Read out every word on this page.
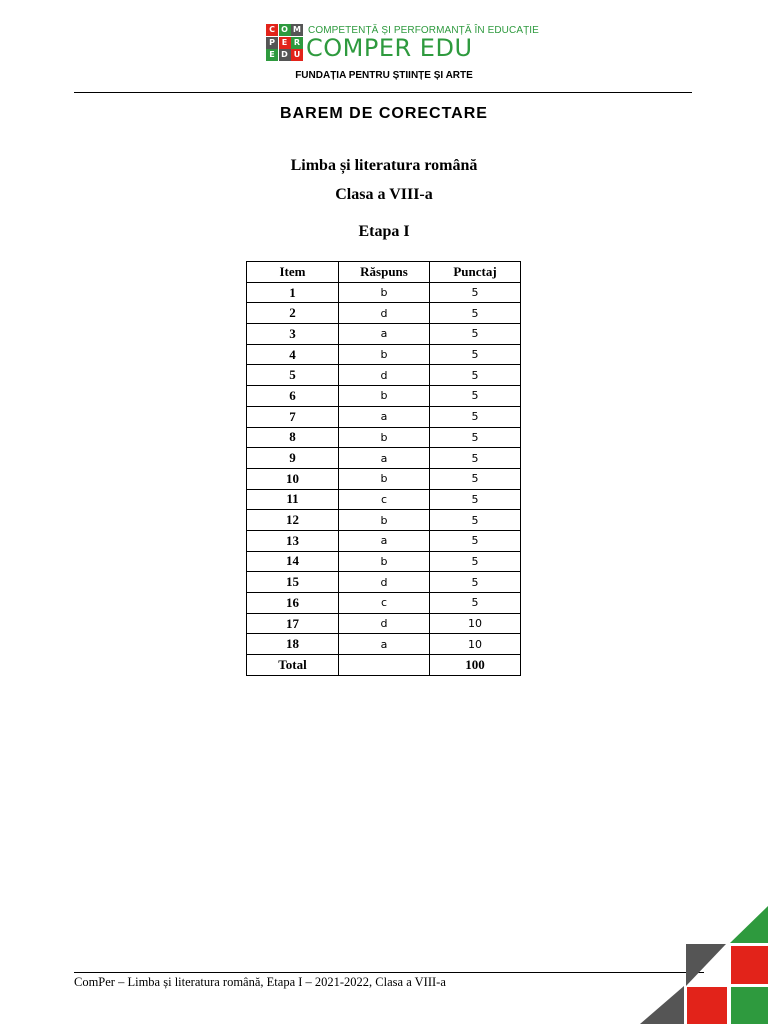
C O M
P E R
E D U
COMPETENȚĂ ȘI PERFORMANȚĂ ÎN EDUCAȚIE
COMPER EDU
FUNDAȚIA PENTRU ȘTIINȚE ȘI ARTE
BAREM DE CORECTARE
Limba și literatura română
Clasa a VIII-a
Etapa I
Item	Răspuns	Punctaj
1	b	5
2	d	5
3	a	5
4	b	5
5	d	5
6	b	5
7	a	5
8	b	5
9	a	5
10	b	5
11	c	5
12	b	5
13	a	5
14	b	5
15	d	5
16	c	5
17	d	10
18	a	10
Total		100
ComPer – Limba și literatura română, Etapa I – 2021-2022, Clasa a VIII-a
5
